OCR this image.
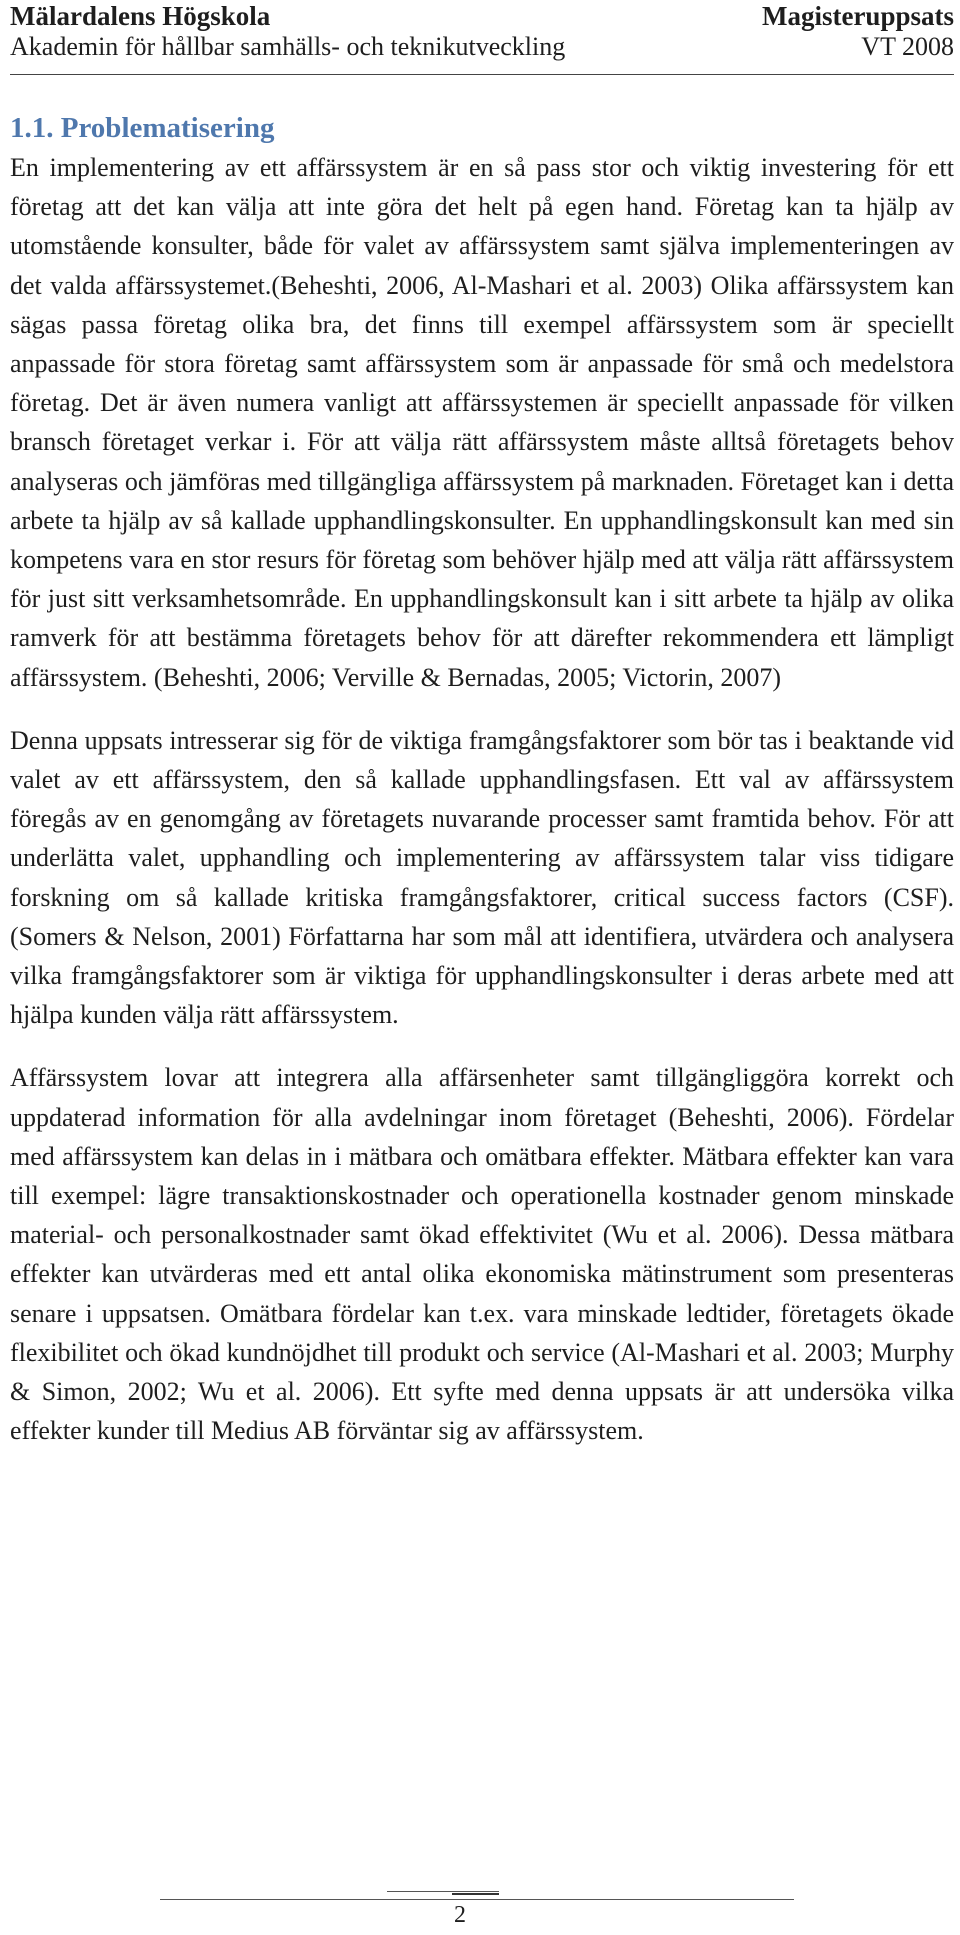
Mälardalens Högskola	Magisteruppsats
Akademin för hållbar samhälls- och teknikutveckling	VT 2008
1.1. Problematisering

En implementering av ett affärssystem är en så pass stor och viktig investering för ett företag att det kan välja att inte göra det helt på egen hand. Företag kan ta hjälp av utomstående konsulter, både för valet av affärssystem samt själva implementeringen av det valda affärssystemet.(Beheshti, 2006, Al-Mashari et al. 2003) Olika affärssystem kan sägas passa företag olika bra, det finns till exempel affärssystem som är speciellt anpassade för stora företag samt affärssystem som är anpassade för små och medelstora företag. Det är även numera vanligt att affärssystemen är speciellt anpassade för vilken bransch företaget verkar i. För att välja rätt affärssystem måste alltså företagets behov analyseras och jämföras med tillgängliga affärssystem på marknaden. Företaget kan i detta arbete ta hjälp av så kallade upphandlingskonsulter. En upphandlingskonsult kan med sin kompetens vara en stor resurs för företag som behöver hjälp med att välja rätt affärssystem för just sitt verksamhetsområde. En upphandlingskonsult kan i sitt arbete ta hjälp av olika ramverk för att bestämma företagets behov för att därefter rekommendera ett lämpligt affärssystem. (Beheshti, 2006; Verville & Bernadas, 2005; Victorin, 2007)

Denna uppsats intresserar sig för de viktiga framgångsfaktorer som bör tas i beaktande vid valet av ett affärssystem, den så kallade upphandlingsfasen. Ett val av affärssystem föregås av en genomgång av företagets nuvarande processer samt framtida behov. För att underlätta valet, upphandling och implementering av affärssystem talar viss tidigare forskning om så kallade kritiska framgångsfaktorer, critical success factors (CSF). (Somers & Nelson, 2001) Författarna har som mål att identifiera, utvärdera och analysera vilka framgångsfaktorer som är viktiga för upphandlingskonsulter i deras arbete med att hjälpa kunden välja rätt affärssystem.

Affärssystem lovar att integrera alla affärsenheter samt tillgängliggöra korrekt och uppdaterad information för alla avdelningar inom företaget (Beheshti, 2006). Fördelar med affärssystem kan delas in i mätbara och omätbara effekter. Mätbara effekter kan vara till exempel: lägre transaktionskostnader och operationella kostnader genom minskade material- och personalkostnader samt ökad effektivitet (Wu et al. 2006). Dessa mätbara effekter kan utvärderas med ett antal olika ekonomiska mätinstrument som presenteras senare i uppsatsen. Omätbara fördelar kan t.ex. vara minskade ledtider, företagets ökade flexibilitet och ökad kundnöjdhet till produkt och service (Al-Mashari et al. 2003; Murphy & Simon, 2002; Wu et al. 2006). Ett syfte med denna uppsats är att undersöka vilka effekter kunder till Medius AB förväntar sig av affärssystem.

2
